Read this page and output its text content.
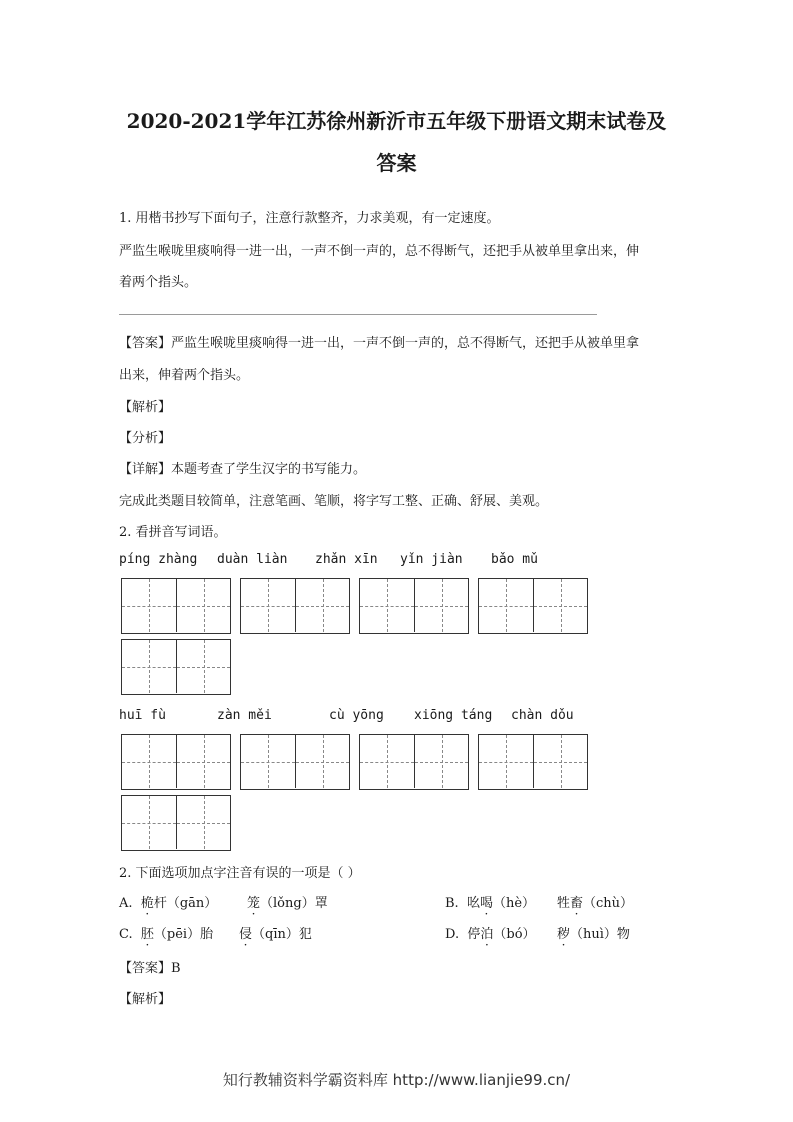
2020-2021学年江苏徐州新沂市五年级下册语文期末试卷及
答案
1. 用楷书抄写下面句子，注意行款整齐，力求美观，有一定速度。
严监生喉咙里痰响得一进一出，一声不倒一声的，总不得断气，还把手从被单里拿出来，伸
着两个指头。
【答案】严监生喉咙里痰响得一进一出，一声不倒一声的，总不得断气，还把手从被单里拿
出来，伸着两个指头。
【解析】
【分析】
【详解】本题考查了学生汉字的书写能力。
完成此类题目较简单，注意笔画、笔顺，将字写工整、正确、舒展、美观。
2. 看拼音写词语。
píng zhàng duàn liàn zhǎn xīn yǐn jiàn bǎo mǔ
huī fù	zàn měi	cù yōng xiōng táng chàn dǒu
2. 下面选项加点字注音有误的一项是（ ）
A. 桅杆（gān） 笼（lǒng）罩	B. 吆喝（hè） 牲畜（chù）
C. 胚（pēi）胎 侵（qīn）犯	D. 停泊（bó） 秽（huì）物
【答案】B
【解析】
知行教辅资料学霸资料库 http://www.lianjie99.cn/
